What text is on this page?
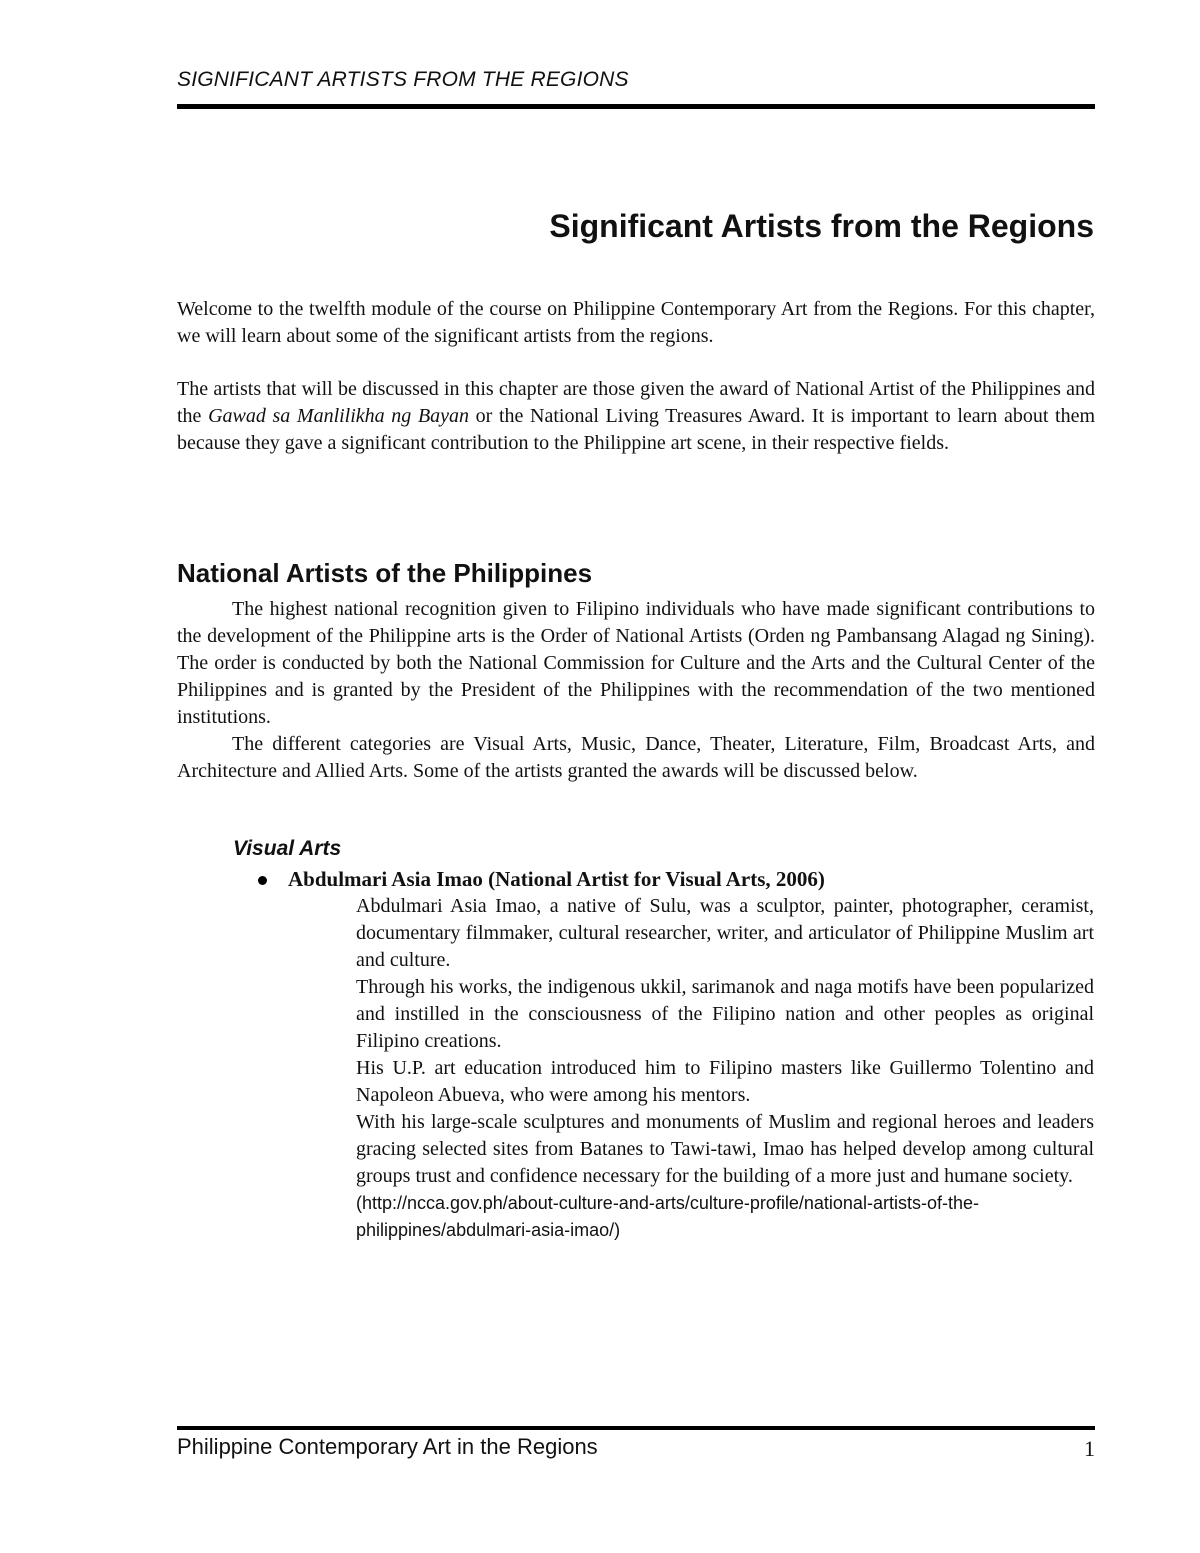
SIGNIFICANT ARTISTS FROM THE REGIONS
Significant Artists from the Regions

Welcome to the twelfth module of the course on Philippine Contemporary Art from the Regions. For this chapter, we will learn about some of the significant artists from the regions.

The artists that will be discussed in this chapter are those given the award of National Artist of the Philippines and the Gawad sa Manlilikha ng Bayan or the National Living Treasures Award. It is important to learn about them because they gave a significant contribution to the Philippine art scene, in their respective fields.

National Artists of the Philippines

The highest national recognition given to Filipino individuals who have made significant contributions to the development of the Philippine arts is the Order of National Artists (Orden ng Pambansang Alagad ng Sining). The order is conducted by both the National Commission for Culture and the Arts and the Cultural Center of the Philippines and is granted by the President of the Philippines with the recommendation of the two mentioned institutions.

The different categories are Visual Arts, Music, Dance, Theater, Literature, Film, Broadcast Arts, and Architecture and Allied Arts. Some of the artists granted the awards will be discussed below.

Visual Arts
Abdulmari Asia Imao (National Artist for Visual Arts, 2006)

Abdulmari Asia Imao, a native of Sulu, was a sculptor, painter, photographer, ceramist, documentary filmmaker, cultural researcher, writer, and articulator of Philippine Muslim art and culture.

Through his works, the indigenous ukkil, sarimanok and naga motifs have been popularized and instilled in the consciousness of the Filipino nation and other peoples as original Filipino creations.

His U.P. art education introduced him to Filipino masters like Guillermo Tolentino and Napoleon Abueva, who were among his mentors.

With his large-scale sculptures and monuments of Muslim and regional heroes and leaders gracing selected sites from Batanes to Tawi-tawi, Imao has helped develop among cultural groups trust and confidence necessary for the building of a more just and humane society.

(http://ncca.gov.ph/about-culture-and-arts/culture-profile/national-artists-of-the-philippines/abdulmari-asia-imao/)

Philippine Contemporary Art in the Regions	1
